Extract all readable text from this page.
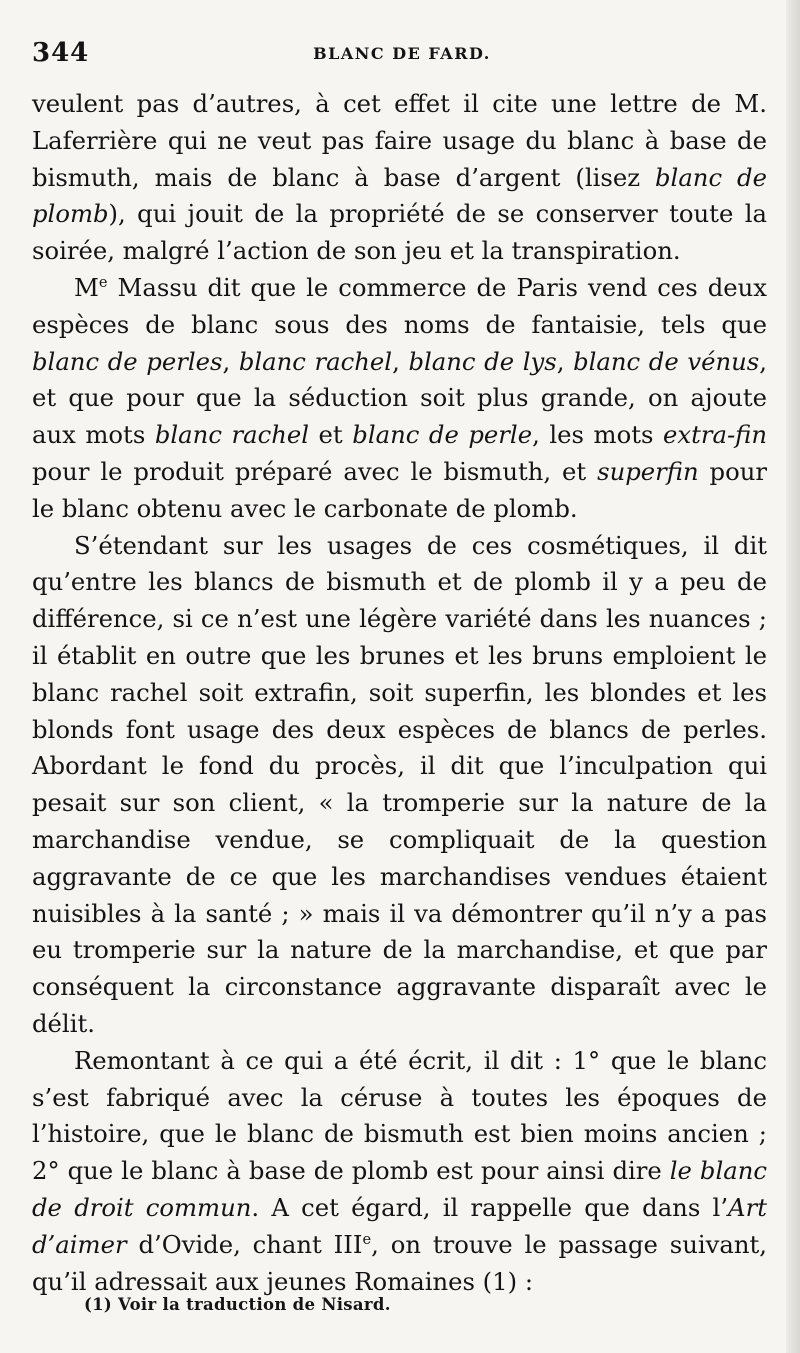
344	BLANC DE FARD.

veulent pas d’autres, à cet effet il cite une lettre de M. Laferrière qui ne veut pas faire usage du blanc à base de bismuth, mais de blanc à base d’argent (lisez blanc de plomb), qui jouit de la propriété de se conserver toute la soirée, malgré l’action de son jeu et la transpiration.

Me Massu dit que le commerce de Paris vend ces deux espèces de blanc sous des noms de fantaisie, tels que blanc de perles, blanc rachel, blanc de lys, blanc de vénus, et que pour que la séduction soit plus grande, on ajoute aux mots blanc rachel et blanc de perle, les mots extra-fin pour le produit préparé avec le bismuth, et superfin pour le blanc obtenu avec le carbonate de plomb.

S’étendant sur les usages de ces cosmétiques, il dit qu’entre les blancs de bismuth et de plomb il y a peu de différence, si ce n’est une légère variété dans les nuances ; il établit en outre que les brunes et les bruns emploient le blanc rachel soit extrafin, soit superfin, les blondes et les blonds font usage des deux espèces de blancs de perles. Abordant le fond du procès, il dit que l’inculpation qui pesait sur son client, « la tromperie sur la nature de la marchandise vendue, se compliquait de la question aggravante de ce que les marchandises vendues étaient nuisibles à la santé ; » mais il va démontrer qu’il n’y a pas eu tromperie sur la nature de la marchandise, et que par conséquent la circonstance aggravante disparaît avec le délit.

Remontant à ce qui a été écrit, il dit : 1° que le blanc s’est fabriqué avec la céruse à toutes les époques de l’histoire, que le blanc de bismuth est bien moins ancien ; 2° que le blanc à base de plomb est pour ainsi dire le blanc de droit commun. A cet égard, il rappelle que dans l’Art d’aimer d’Ovide, chant IIIe, on trouve le passage suivant, qu’il adressait aux jeunes Romaines (1) :

(1) Voir la traduction de Nisard.
